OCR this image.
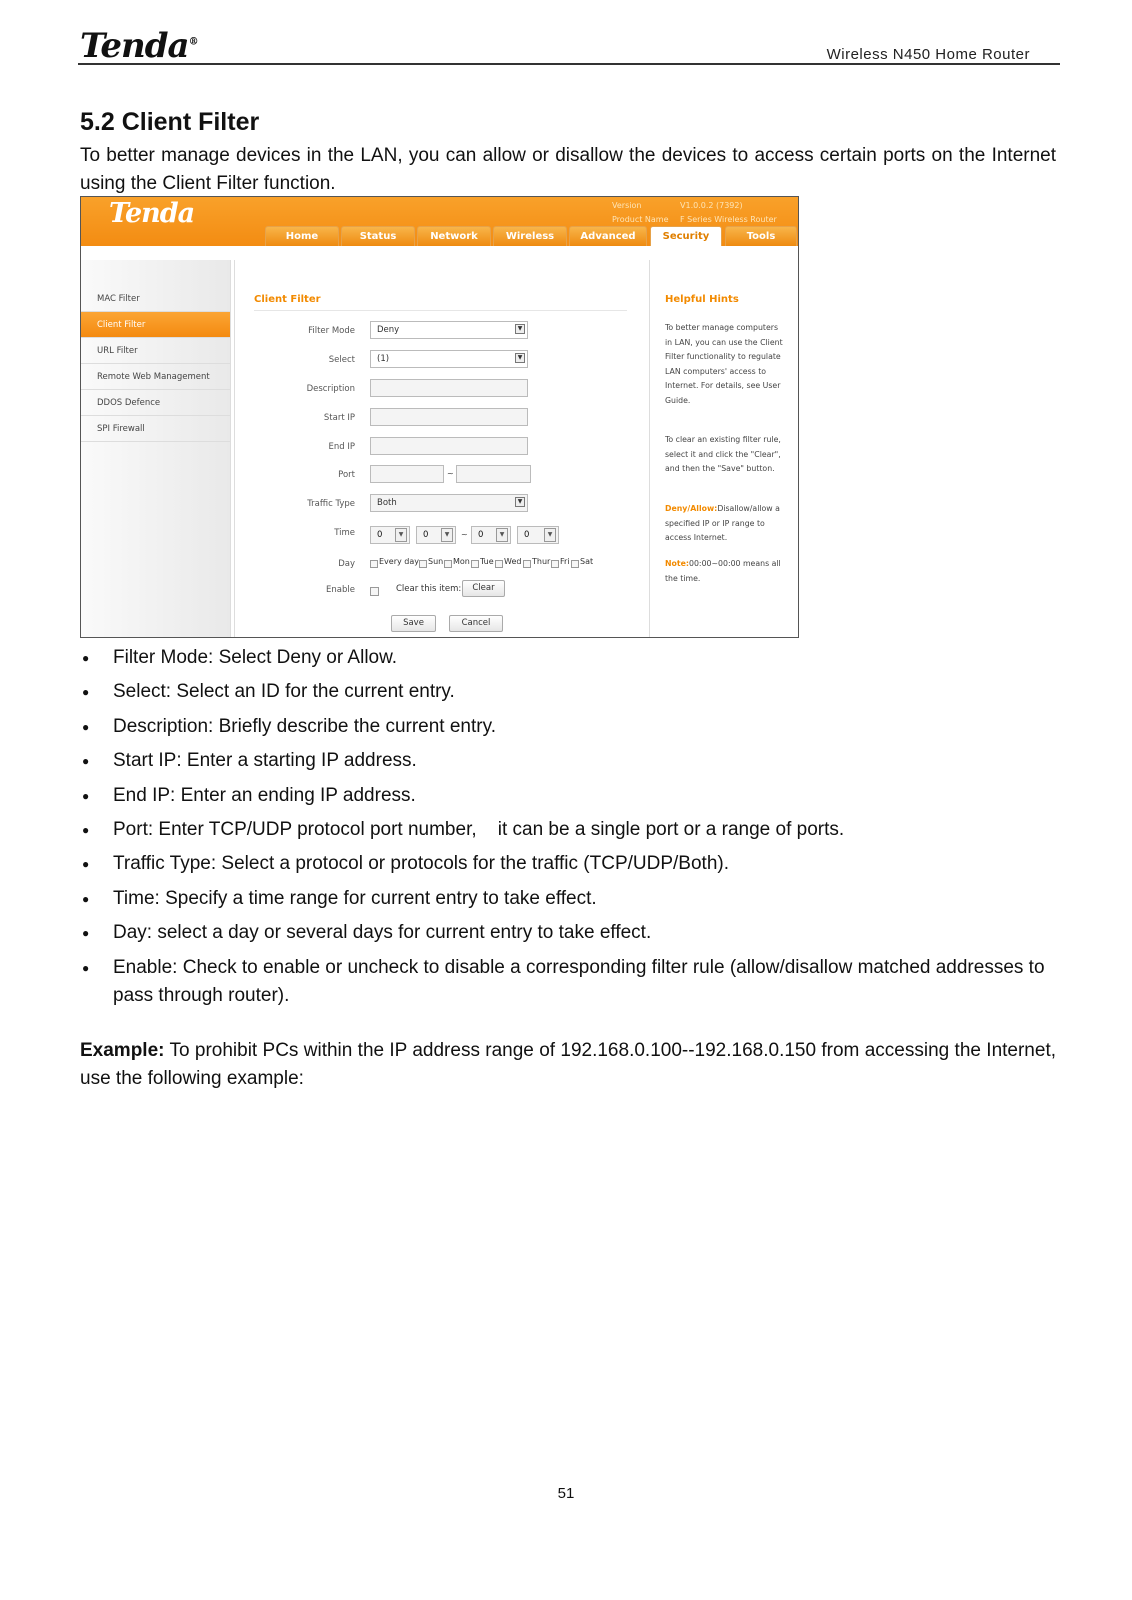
Tenda®
Wireless N450 Home Router
5.2 Client Filter

To better manage devices in the LAN, you can allow or disallow the devices to access certain ports on the Internet using the Client Filter function.

Tenda	Version	V1.0.0.2 (7392)
Product Name F Series Wireless Router
Home	Status	Network	Wireless	Advanced	Security	Tools
MAC Filter
Client Filter
URL Filter
Remote Web Management
DDOS Defence
SPI Firewall
Client Filter
Filter Mode	Deny	▼
Select	(1)	▼
Description
Start IP
End IP
Port	~
Traffic Type	Both	▼
Time	0	▼	0	▼	~	0	▼	0	▼
Day	Every day Sun Mon Tue Wed Thur Fri Sat
Enable	Clear this item:	Clear
Save	Cancel
Helpful Hints
To better manage computers in LAN, you can use the Client Filter functionality to regulate LAN computers' access to Internet. For details, see User Guide.
To clear an existing filter rule, select it and click the "Clear", and then the "Save" button.
Deny/Allow:Disallow/allow a specified IP or IP range to access Internet.
Note:00:00~00:00 means all the time.
● Filter Mode: Select Deny or Allow.
● Select: Select an ID for the current entry.
● Description: Briefly describe the current entry.
● Start IP: Enter a starting IP address.
● End IP: Enter an ending IP address.
● Port: Enter TCP/UDP protocol port number,    it can be a single port or a range of ports.
● Traffic Type: Select a protocol or protocols for the traffic (TCP/UDP/Both).
● Time: Specify a time range for current entry to take effect.
● Day: select a day or several days for current entry to take effect.
● Enable: Check to enable or uncheck to disable a corresponding filter rule (allow/disallow matched addresses to pass through router).

Example: To prohibit PCs within the IP address range of 192.168.0.100--192.168.0.150 from accessing the Internet, use the following example:

51
